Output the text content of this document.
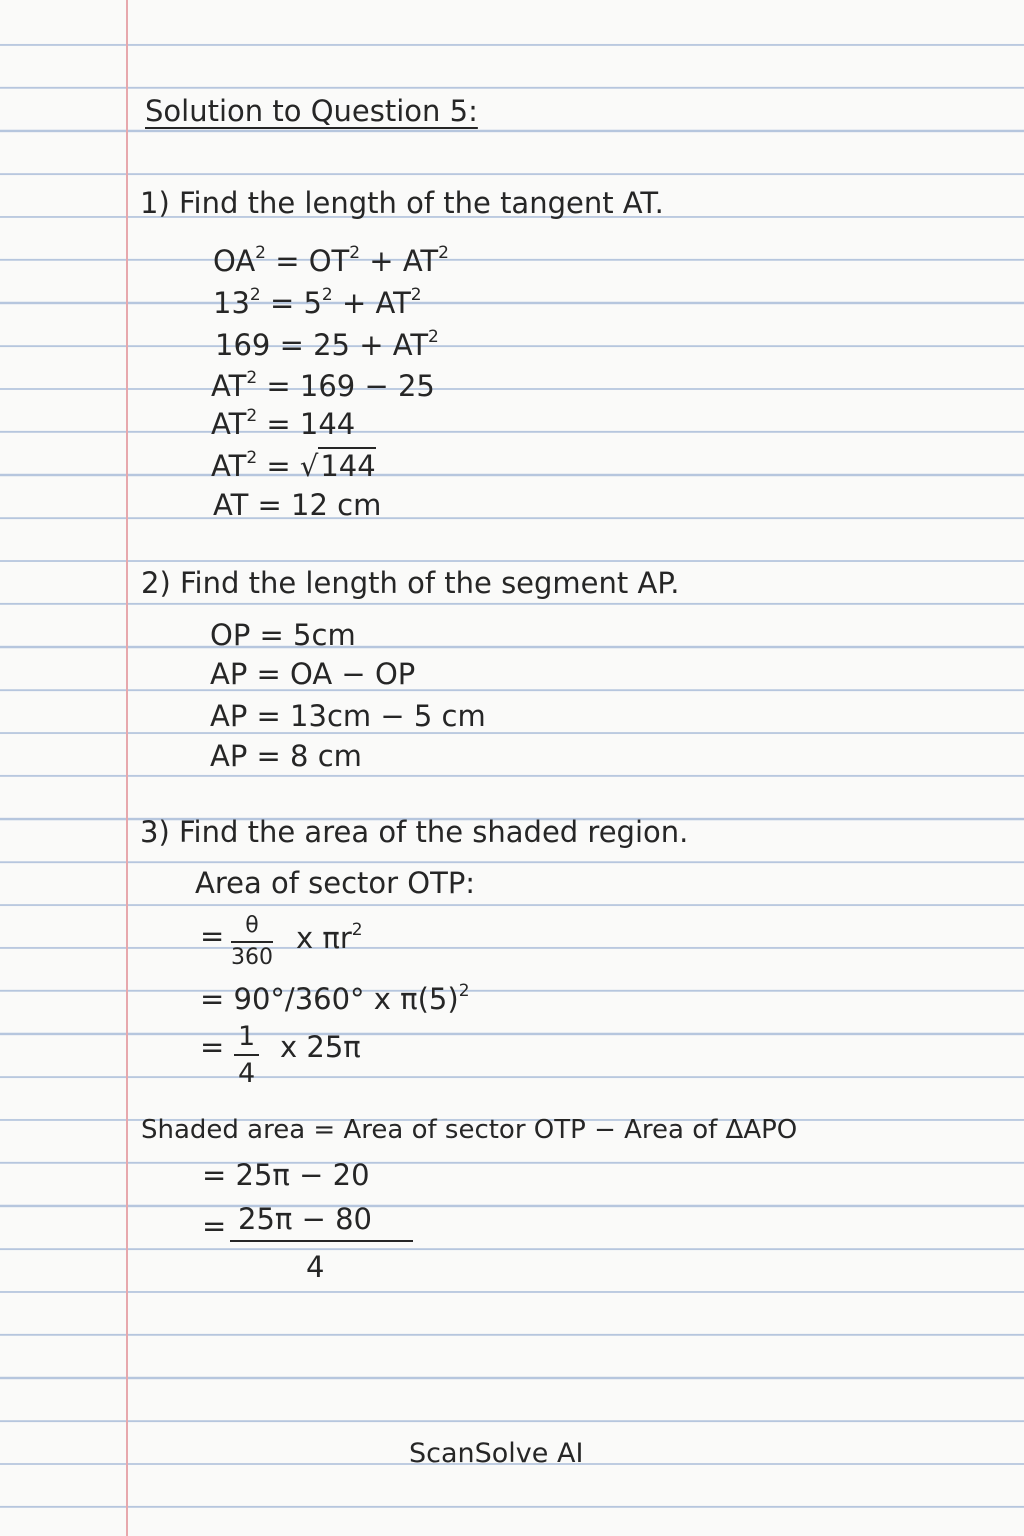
Solution to Question 5:
1) Find the length of the tangent AT.
$OA^2 = OT^2 + AT^2$
$13^2 = 5^2 + AT^2$
$169 = 25 + AT^2$
$AT^2 = 169 - 25$
$AT^2 = 144$
$AT^2 = √144$
AT = 12 cm
2) Find the length of the segment AP.
OP = 5cm
AP = OA − OP
AP = 13cm − 5 cm
AP = 8 cm
3) Find the area of the shaded region.
Area of sector OTP:
= $\frac{\theta}{360}$ x $\pi r^2$
= 90°/360° x $\pi(5)^2$
= $\frac{1}{4}$ x 25π
Shaded area = Area of sector OTP − Area of ΔAPO
= 25π − 20
= 25π − 80
4
ScanSolve AI
